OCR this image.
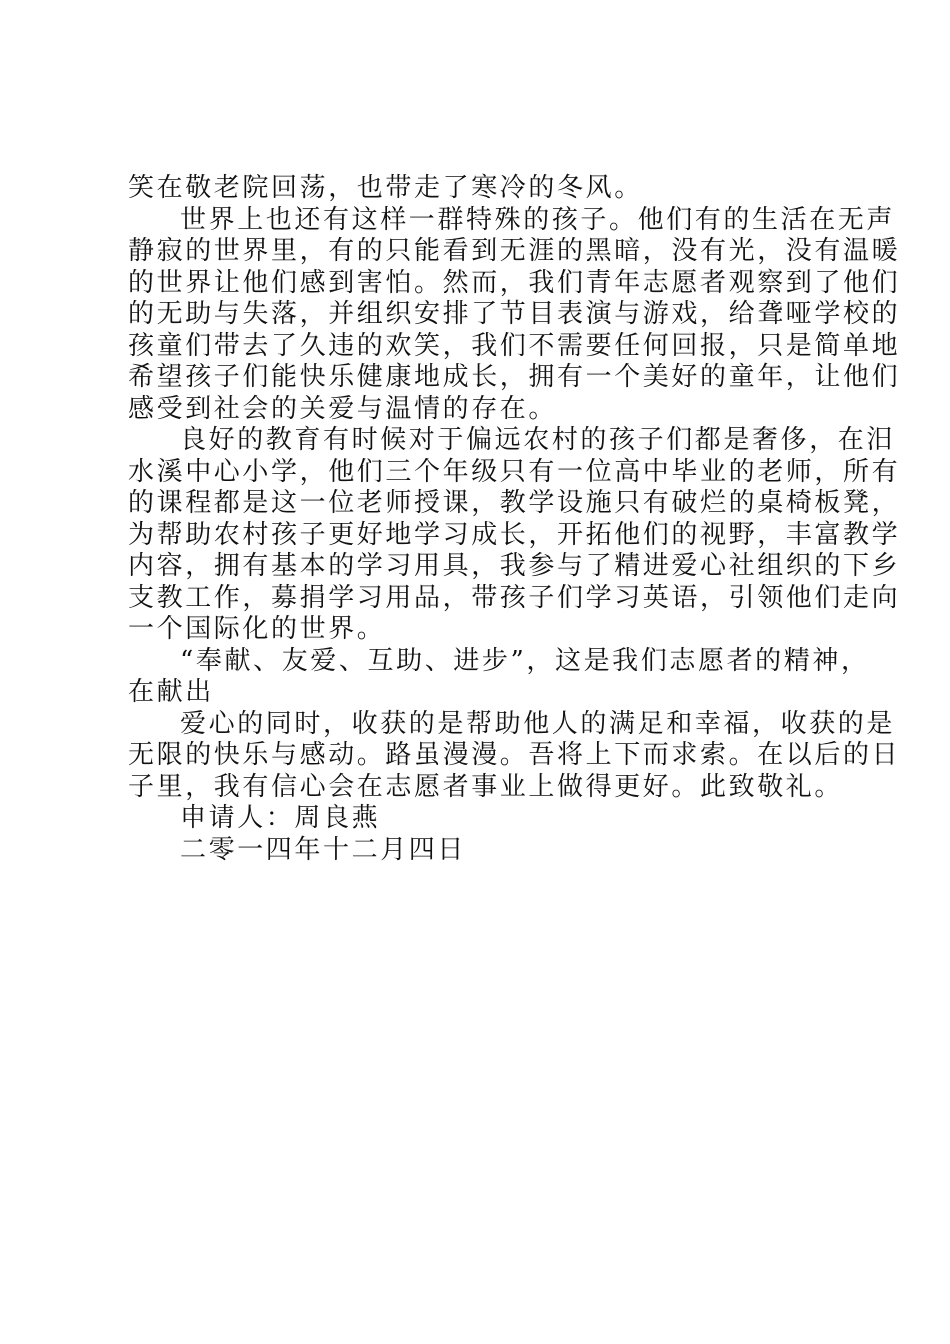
笑在敬老院回荡，也带走了寒冷的冬风。
世界上也还有这样一群特殊的孩子。他们有的生活在无声
静寂的世界里，有的只能看到无涯的黑暗，没有光，没有温暖
的世界让他们感到害怕。然而，我们青年志愿者观察到了他们
的无助与失落，并组织安排了节目表演与游戏，给聋哑学校的
孩童们带去了久违的欢笑，我们不需要任何回报，只是简单地
希望孩子们能快乐健康地成长，拥有一个美好的童年，让他们
感受到社会的关爱与温情的存在。
良好的教育有时候对于偏远农村的孩子们都是奢侈，在汨
水溪中心小学，他们三个年级只有一位高中毕业的老师，所有
的课程都是这一位老师授课，教学设施只有破烂的桌椅板凳，
为帮助农村孩子更好地学习成长，开拓他们的视野，丰富教学
内容，拥有基本的学习用具，我参与了精进爱心社组织的下乡
支教工作，募捐学习用品，带孩子们学习英语，引领他们走向
一个国际化的世界。
“奉献、友爱、互助、进步”，这是我们志愿者的精神，
在献出
爱心的同时，收获的是帮助他人的满足和幸福，收获的是
无限的快乐与感动。路虽漫漫。吾将上下而求索。在以后的日
子里，我有信心会在志愿者事业上做得更好。此致敬礼。
申请人：周良燕
二零一四年十二月四日
